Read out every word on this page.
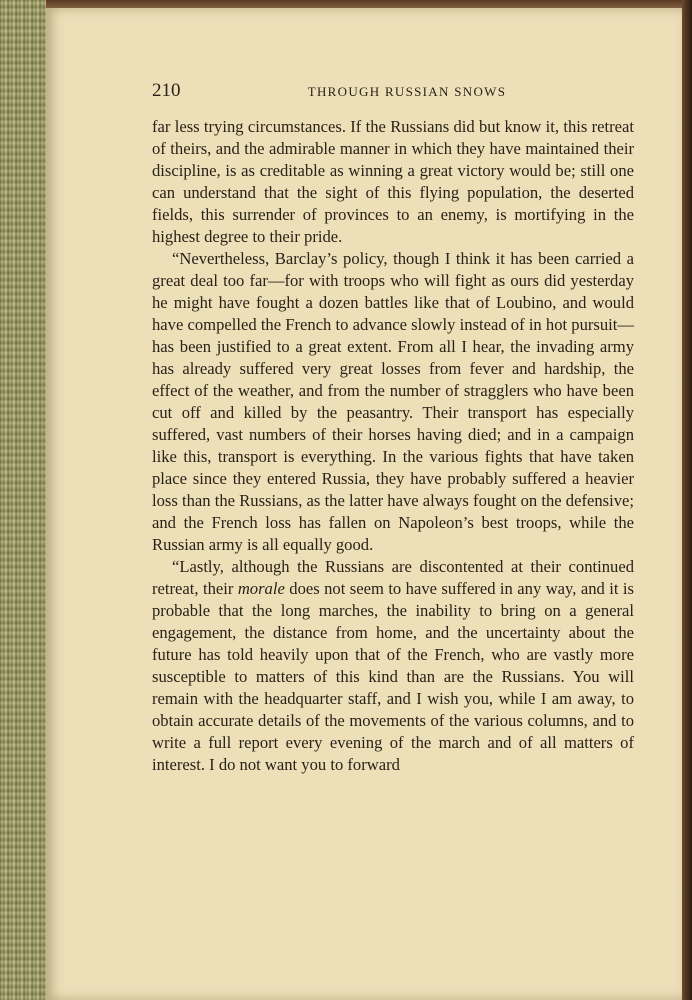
210	THROUGH RUSSIAN SNOWS

far less trying circumstances. If the Russians did but know it, this retreat of theirs, and the admirable manner in which they have maintained their discipline, is as creditable as winning a great victory would be; still one can understand that the sight of this flying population, the deserted fields, this surrender of provinces to an enemy, is mortifying in the highest degree to their pride.

“Nevertheless, Barclay’s policy, though I think it has been carried a great deal too far—for with troops who will fight as ours did yesterday he might have fought a dozen battles like that of Loubino, and would have compelled the French to advance slowly instead of in hot pursuit—has been justified to a great extent. From all I hear, the invading army has already suffered very great losses from fever and hardship, the effect of the weather, and from the number of stragglers who have been cut off and killed by the peasantry. Their transport has especially suffered, vast numbers of their horses having died; and in a campaign like this, transport is everything. In the various fights that have taken place since they entered Russia, they have probably suffered a heavier loss than the Russians, as the latter have always fought on the defensive; and the French loss has fallen on Napoleon’s best troops, while the Russian army is all equally good.

“Lastly, although the Russians are discontented at their continued retreat, their morale does not seem to have suffered in any way, and it is probable that the long marches, the inability to bring on a general engagement, the distance from home, and the uncertainty about the future has told heavily upon that of the French, who are vastly more susceptible to matters of this kind than are the Russians. You will remain with the headquarter staff, and I wish you, while I am away, to obtain accurate details of the movements of the various columns, and to write a full report every evening of the march and of all matters of interest. I do not want you to forward
